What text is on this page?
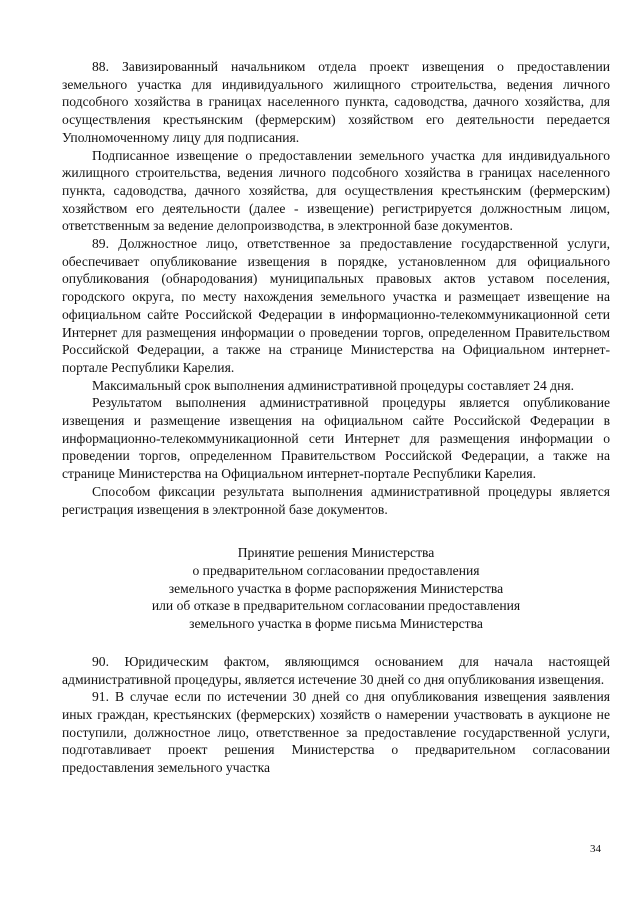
88. Завизированный начальником отдела проект извещения о предоставлении земельного участка для индивидуального жилищного строительства, ведения личного подсобного хозяйства в границах населенного пункта, садоводства, дачного хозяйства, для осуществления крестьянским (фермерским) хозяйством его деятельности передается Уполномоченному лицу для подписания.

Подписанное извещение о предоставлении земельного участка для индивидуального жилищного строительства, ведения личного подсобного хозяйства в границах населенного пункта, садоводства, дачного хозяйства, для осуществления крестьянским (фермерским) хозяйством его деятельности (далее - извещение) регистрируется должностным лицом, ответственным за ведение делопроизводства, в электронной базе документов.

89. Должностное лицо, ответственное за предоставление государственной услуги, обеспечивает опубликование извещения в порядке, установленном для официального опубликования (обнародования) муниципальных правовых актов уставом поселения, городского округа, по месту нахождения земельного участка и размещает извещение на официальном сайте Российской Федерации в информационно-телекоммуникационной сети Интернет для размещения информации о проведении торгов, определенном Правительством Российской Федерации, а также на странице Министерства на Официальном интернет-портале Республики Карелия.

Максимальный срок выполнения административной процедуры составляет 24 дня.

Результатом выполнения административной процедуры является опубликование извещения и размещение извещения на официальном сайте Российской Федерации в информационно-телекоммуникационной сети Интернет для размещения информации о проведении торгов, определенном Правительством Российской Федерации, а также на странице Министерства на Официальном интернет-портале Республики Карелия.

Способом фиксации результата выполнения административной процедуры является регистрация извещения в электронной базе документов.

Принятие решения Министерства
о предварительном согласовании предоставления
земельного участка в форме распоряжения Министерства
или об отказе в предварительном согласовании предоставления
земельного участка в форме письма Министерства

90. Юридическим фактом, являющимся основанием для начала настоящей административной процедуры, является истечение 30 дней со дня опубликования извещения.

91. В случае если по истечении 30 дней со дня опубликования извещения заявления иных граждан, крестьянских (фермерских) хозяйств о намерении участвовать в аукционе не поступили, должностное лицо, ответственное за предоставление государственной услуги, подготавливает проект решения Министерства о предварительном согласовании предоставления земельного участка

34
